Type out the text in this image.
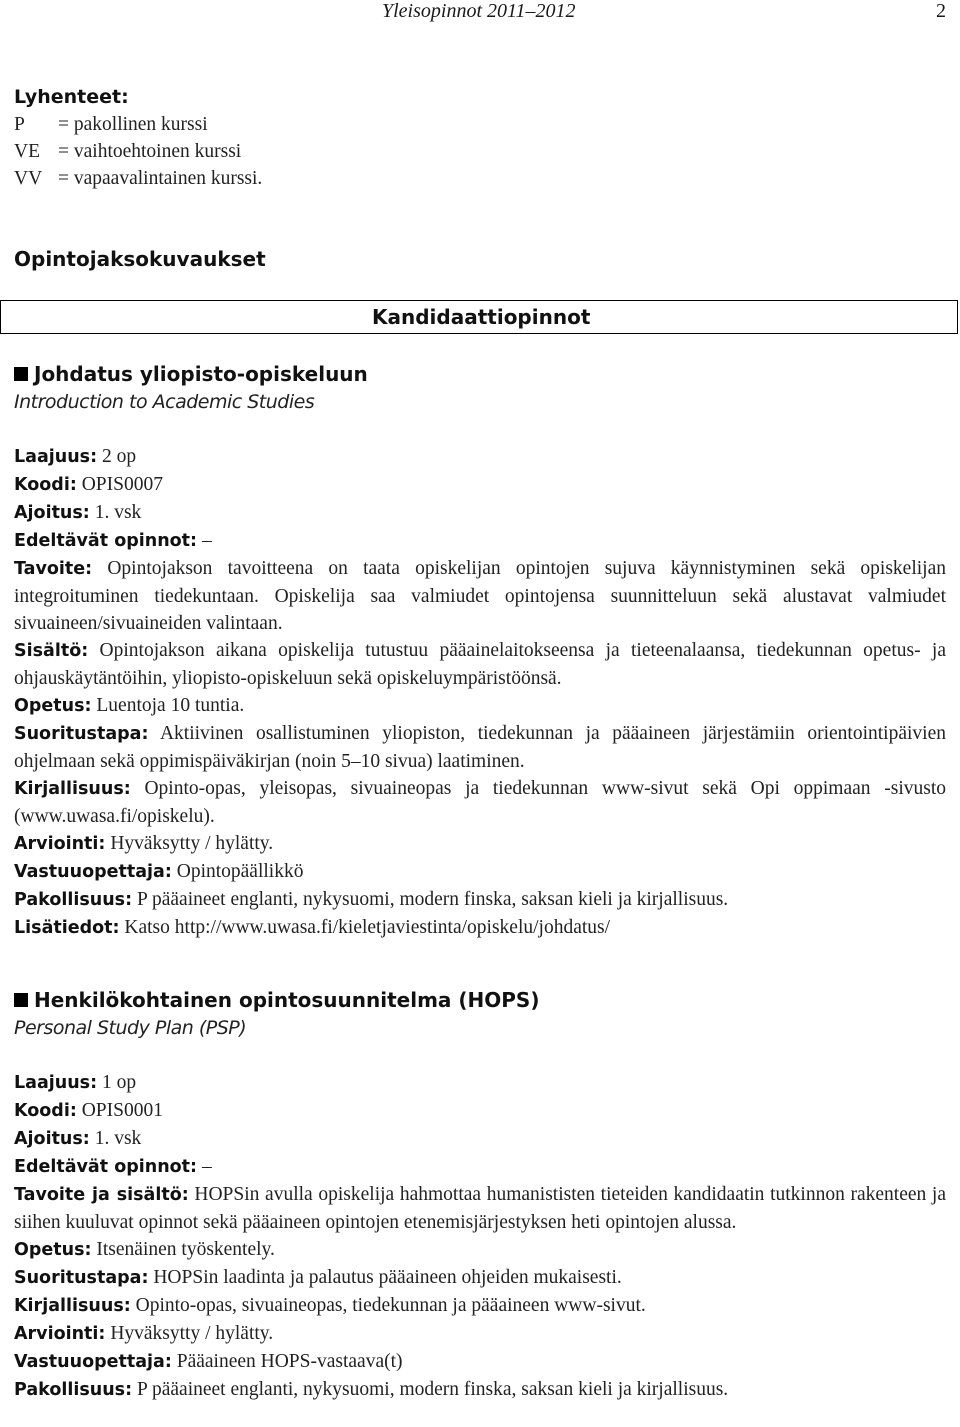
Yleisopinnot 2011–2012	2
Lyhenteet:
P	= pakollinen kurssi
VE = vaihtoehtoinen kurssi
VV = vapaavalintainen kurssi.
Opintojaksokuvaukset
Kandidaattiopinnot
Johdatus yliopisto-opiskeluun
Introduction to Academic Studies
Laajuus: 2 op
Koodi: OPIS0007
Ajoitus: 1. vsk
Edeltävät opinnot: –
Tavoite: Opintojakson tavoitteena on taata opiskelijan opintojen sujuva käynnistyminen sekä opiskelijan integroituminen tiedekuntaan. Opiskelija saa valmiudet opintojensa suunnitteluun sekä alustavat valmiudet sivuaineen/sivuaineiden valintaan.
Sisältö: Opintojakson aikana opiskelija tutustuu pääainelaitokseensa ja tieteenalaansa, tiedekunnan opetus- ja ohjauskäytäntöihin, yliopisto-opiskeluun sekä opiskeluympäristöönsä.
Opetus: Luentoja 10 tuntia.
Suoritustapa: Aktiivinen osallistuminen yliopiston, tiedekunnan ja pääaineen järjestämiin orientointipäivien ohjelmaan sekä oppimispäiväkirjan (noin 5–10 sivua) laatiminen.
Kirjallisuus: Opinto-opas, yleisopas, sivuaineopas ja tiedekunnan www-sivut sekä Opi oppimaan -sivusto (www.uwasa.fi/opiskelu).
Arviointi: Hyväksytty / hylätty.
Vastuuopettaja: Opintopäällikkö
Pakollisuus: P pääaineet englanti, nykysuomi, modern finska, saksan kieli ja kirjallisuus.
Lisätiedot: Katso http://www.uwasa.fi/kieletjaviestinta/opiskelu/johdatus/
Henkilökohtainen opintosuunnitelma (HOPS)
Personal Study Plan (PSP)
Laajuus: 1 op
Koodi: OPIS0001
Ajoitus: 1. vsk
Edeltävät opinnot: –
Tavoite ja sisältö: HOPSin avulla opiskelija hahmottaa humanististen tieteiden kandidaatin tutkinnon rakenteen ja siihen kuuluvat opinnot sekä pääaineen opintojen etenemisjärjestyksen heti opintojen alussa.
Opetus: Itsenäinen työskentely.
Suoritustapa: HOPSin laadinta ja palautus pääaineen ohjeiden mukaisesti.
Kirjallisuus: Opinto-opas, sivuaineopas, tiedekunnan ja pääaineen www-sivut.
Arviointi: Hyväksytty / hylätty.
Vastuuopettaja: Pääaineen HOPS-vastaava(t)
Pakollisuus: P pääaineet englanti, nykysuomi, modern finska, saksan kieli ja kirjallisuus.
